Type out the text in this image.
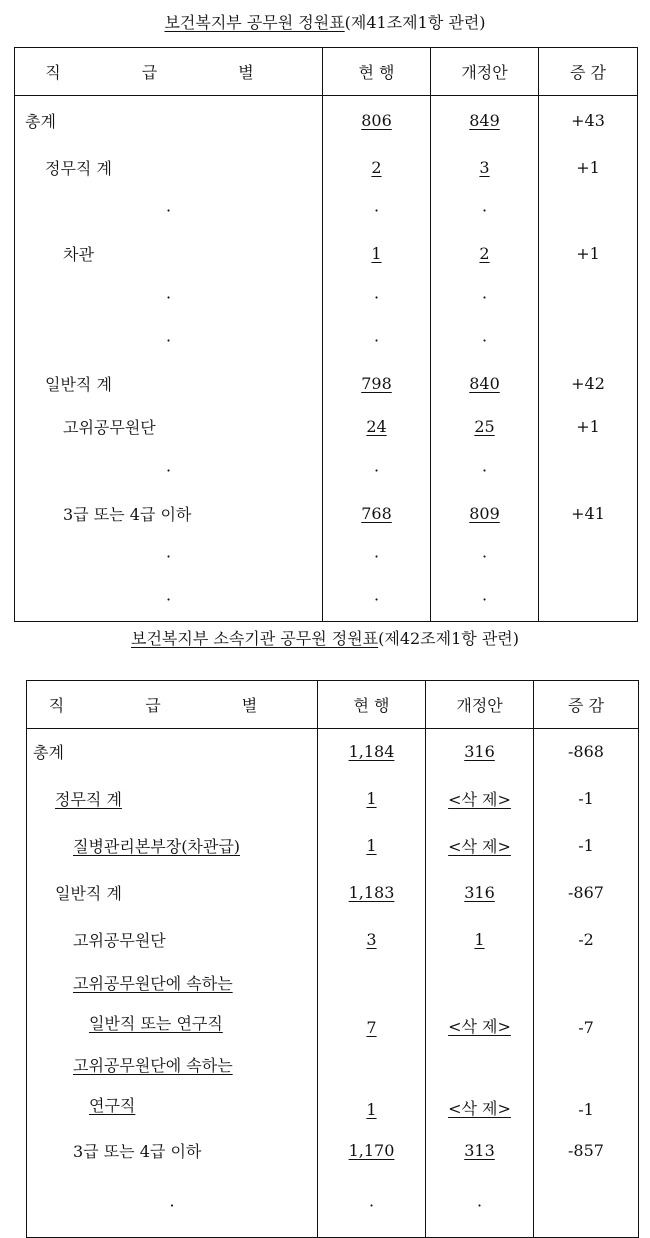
보건복지부 공무원 정원표(제41조제1항 관련)
직 급 별	현 행	개정안	증 감
총계	806	849	+43
정무직 계	2	3	+1
·	·	·	
차관	1	2	+1
·	·	·	
·	·	·	
일반직 계	798	840	+42
고위공무원단	24	25	+1
·	·	·	
3급 또는 4급 이하	768	809	+41
·	·	·	
·	·	·	
보건복지부 소속기관 공무원 정원표(제42조제1항 관련)
직 급 별	현 행	개정안	증 감
총계	1,184	316	-868
정무직 계	1	<삭 제>	-1
질병관리본부장(차관급)	1	<삭 제>	-1
일반직 계	1,183	316	-867
고위공무원단	3	1	-2

고위공무원단에 속하는
일반직 또는 연구직	7	<삭 제>	-7

고위공무원단에 속하는
연구직	1	<삭 제>	-1
3급 또는 4급 이하	1,170	313	-857
·	·	·	
